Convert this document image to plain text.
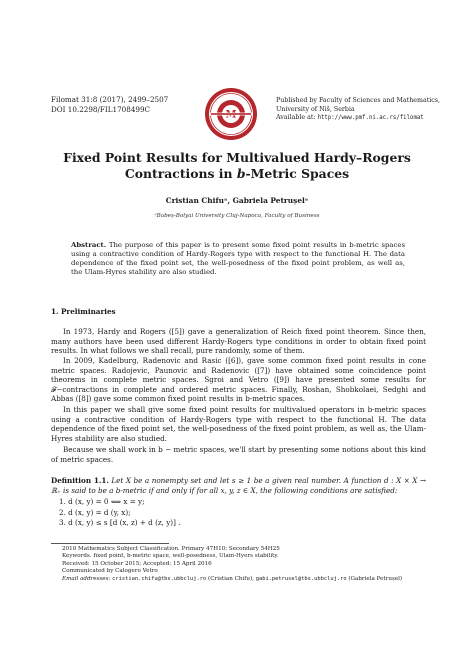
Filomat 31:8 (2017), 2499–2507
DOI 10.2298/FIL1708499C
Published by Faculty of Sciences and Mathematics,
University of Niš, Serbia
Available at: http://www.pmf.ni.ac.rs/filomat
Fixed Point Results for Multivalued Hardy–Rogers
Contractions in b-Metric Spaces
Cristian Chifuᵃ, Gabriela Petrușelᵃ
ᵃBabeș-Bolyai University Cluj-Napoca, Faculty of Business
Abstract. The purpose of this paper is to present some fixed point results in b-metric spaces using a contractive condition of Hardy-Rogers type with respect to the functional H. The data dependence of the fixed point set, the well-posedness of the fixed point problem, as well as, the Ulam-Hyres stability are also studied.
1. Preliminaries
In 1973, Hardy and Rogers ([5]) gave a generalization of Reich fixed point theorem. Since then, many authors have been used different Hardy-Rogers type conditions in order to obtain fixed point results. In what follows we shall recall, pure randomly, some of them.
In 2009, Kadelburg, Radenovic and Rasic ([6]), gave some common fixed point results in cone metric spaces. Radojevic, Paunovic and Radenovic ([7]) have obtained some coincidence point theorems in complete metric spaces. Sgroi and Vetro ([9]) have presented some results for 𝓕−contractions in complete and ordered metric spaces. Finally, Roshan, Shobkolaei, Sedghi and Abbas ([8]) gave some common fixed point results in b-metric spaces.
In this paper we shall give some fixed point results for multivalued operators in b-metric spaces using a contractive condition of Hardy-Rogers type with respect to the functional H. The data dependence of the fixed point set, the well-posedness of the fixed point problem, as well as, the Ulam-Hyres stability are also studied.
Because we shall work in b − metric spaces, we'll start by presenting some notions about this kind of metric spaces.
Definition 1.1. Let X be a nonempty set and let s ≥ 1 be a given real number. A function d : X × X → ℝ₊ is said to be a b-metric if and only if for all x, y, z ∈ X, the following conditions are satisfied:
1. d (x, y) = 0 ⟺ x = y;
2. d (x, y) = d (y, x);
3. d (x, y) ≤ s [d (x, z) + d (z, y)] .
2010 Mathematics Subject Classification. Primary 47H10; Secondary 54H25
Keywords. fixed point, b-metric space, well-posedness, Ulam-Hyers stability.
Received: 15 October 2015; Accepted: 15 April 2016
Communicated by Calogero Vetro
Email addresses: cristian.chifu@tbs.ubbcluj.ro (Cristian Chifu), gabi.petrusel@tbs.ubbcluj.ro (Gabriela Petrușel)
